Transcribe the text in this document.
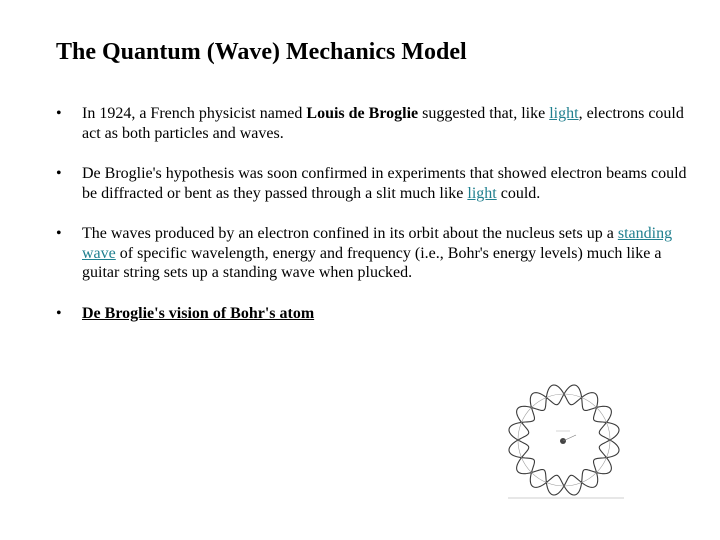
The Quantum (Wave) Mechanics Model
• In 1924, a French physicist named Louis de Broglie suggested that, like light, electrons could act as both particles and waves.
• De Broglie's hypothesis was soon confirmed in experiments that showed electron beams could be diffracted or bent as they passed through a slit much like light could.
• The waves produced by an electron confined in its orbit about the nucleus sets up a standing wave of specific wavelength, energy and frequency (i.e., Bohr's energy levels) much like a guitar string sets up a standing wave when plucked.
• De Broglie's vision of Bohr's atom
